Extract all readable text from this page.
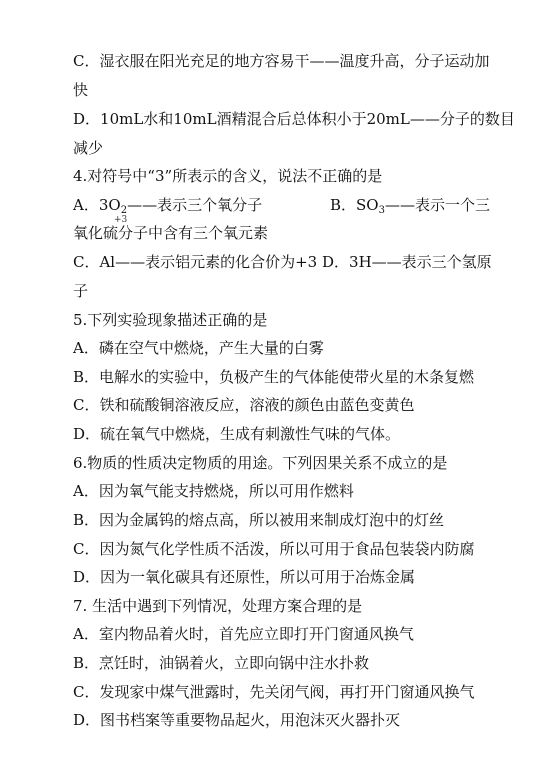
C．湿衣服在阳光充足的地方容易干——温度升高，分子运动加
快
D．10mL水和10mL酒精混合后总体积小于20mL——分子的数目
减少
4.对符号中“3”所表示的含义，说法不正确的是
A．$3O_2——$表示三个氧分子	B．$SO_3——$表示一个三
氧化硫分子中含有三个氧元素
+3
C．Al——表示铝元素的化合价为+3 D．3H——表示三个氢原
子
5.下列实验现象描述正确的是
A．磷在空气中燃烧，产生大量的白雾
B．电解水的实验中，负极产生的气体能使带火星的木条复燃
C．铁和硫酸铜溶液反应，溶液的颜色由蓝色变黄色
D．硫在氧气中燃烧，生成有刺激性气味的气体。
6.物质的性质决定物质的用途。下列因果关系不成立的是
A．因为氧气能支持燃烧，所以可用作燃料
B．因为金属钨的熔点高，所以被用来制成灯泡中的灯丝
C．因为氮气化学性质不活泼，所以可用于食品包装袋内防腐
D．因为一氧化碳具有还原性，所以可用于冶炼金属
7. 生活中遇到下列情况，处理方案合理的是
A．室内物品着火时，首先应立即打开门窗通风换气
B．烹饪时，油锅着火，立即向锅中注水扑救
C．发现家中煤气泄露时，先关闭气阀，再打开门窗通风换气
D．图书档案等重要物品起火，用泡沫灭火器扑灭
